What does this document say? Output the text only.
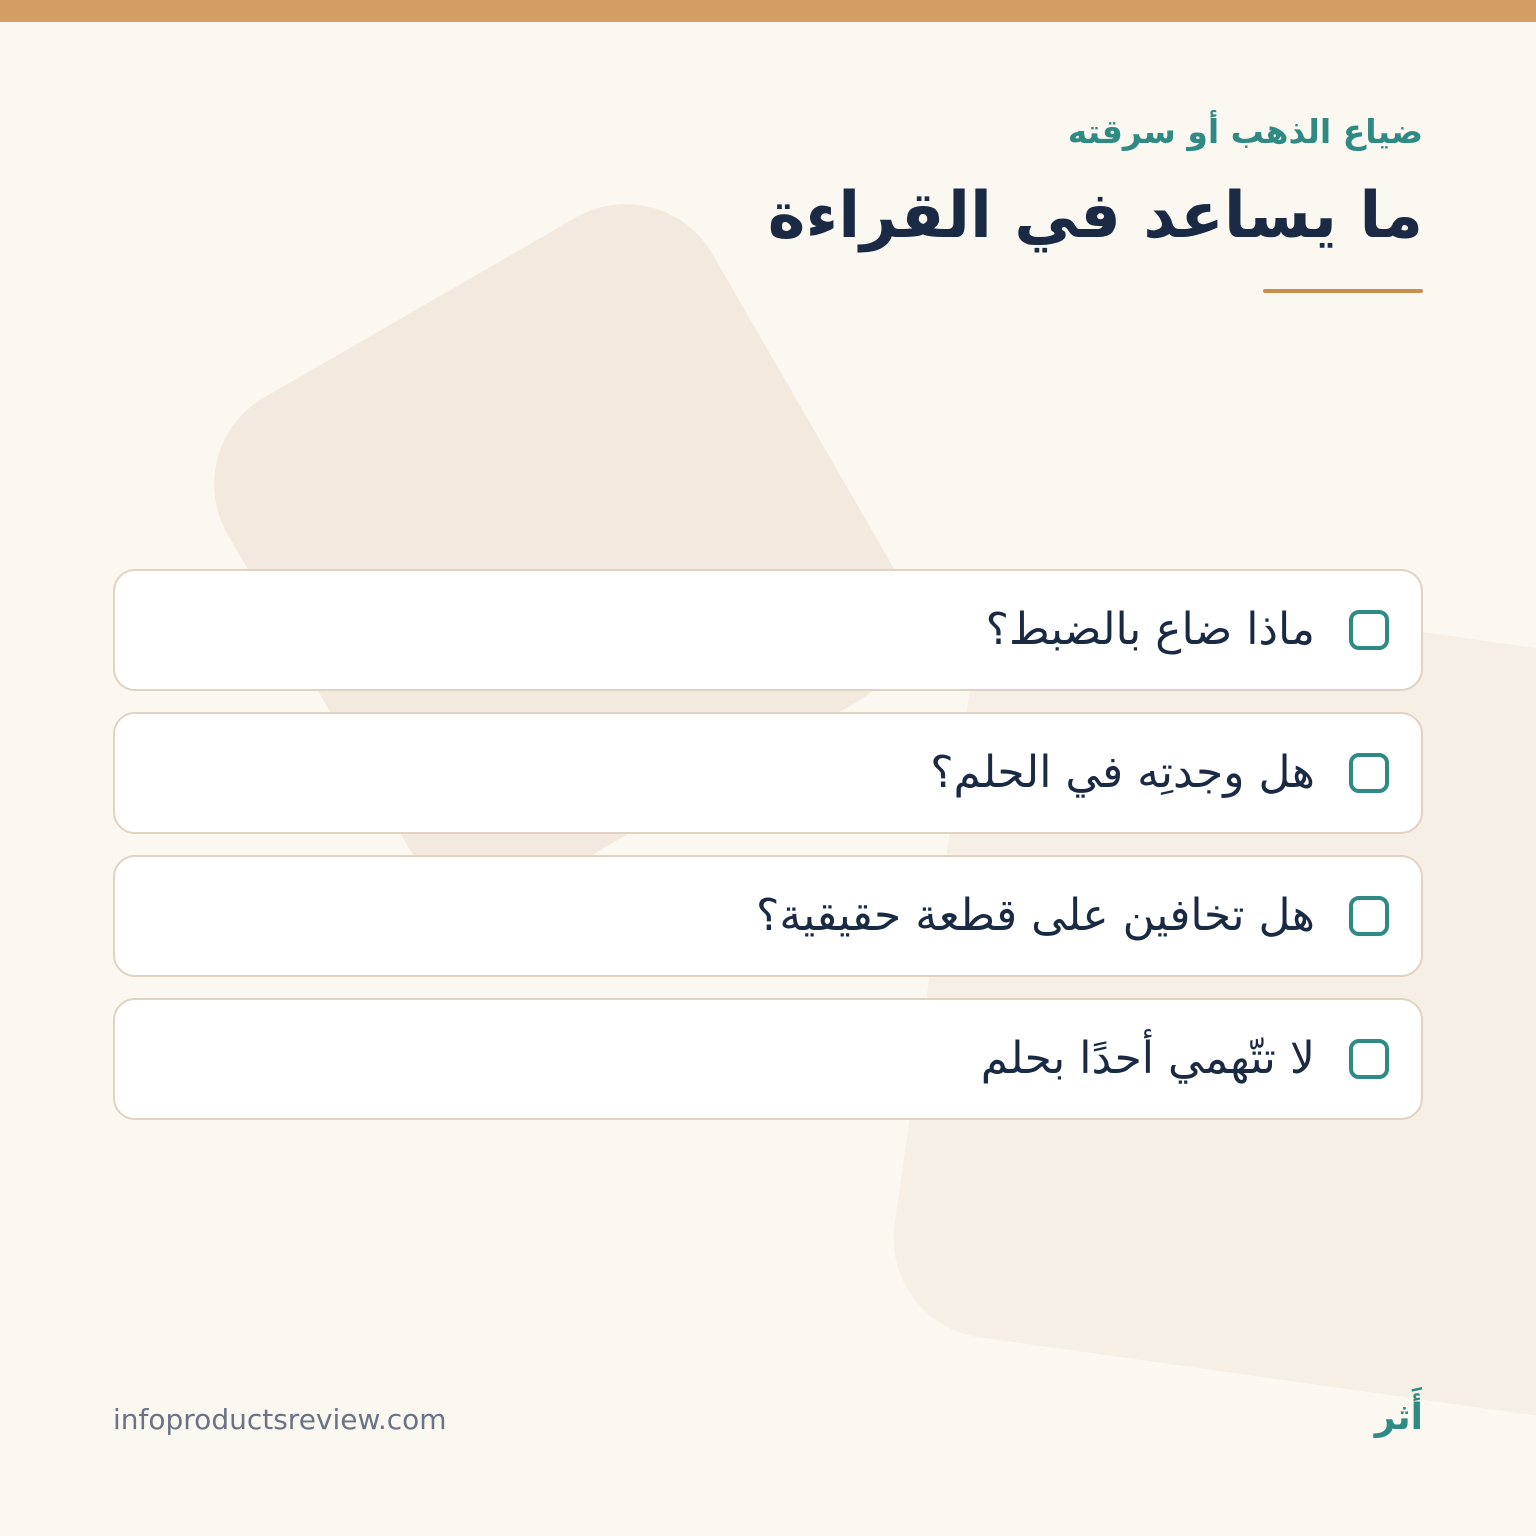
ضياع الذهب أو سرقته

ما يساعد في القراءة
ماذا ضاع بالضبط؟
هل وجدتِه في الحلم؟
هل تخافين على قطعة حقيقية؟
لا تتّهمي أحدًا بحلم
infoproductsreview.com	أَثر
